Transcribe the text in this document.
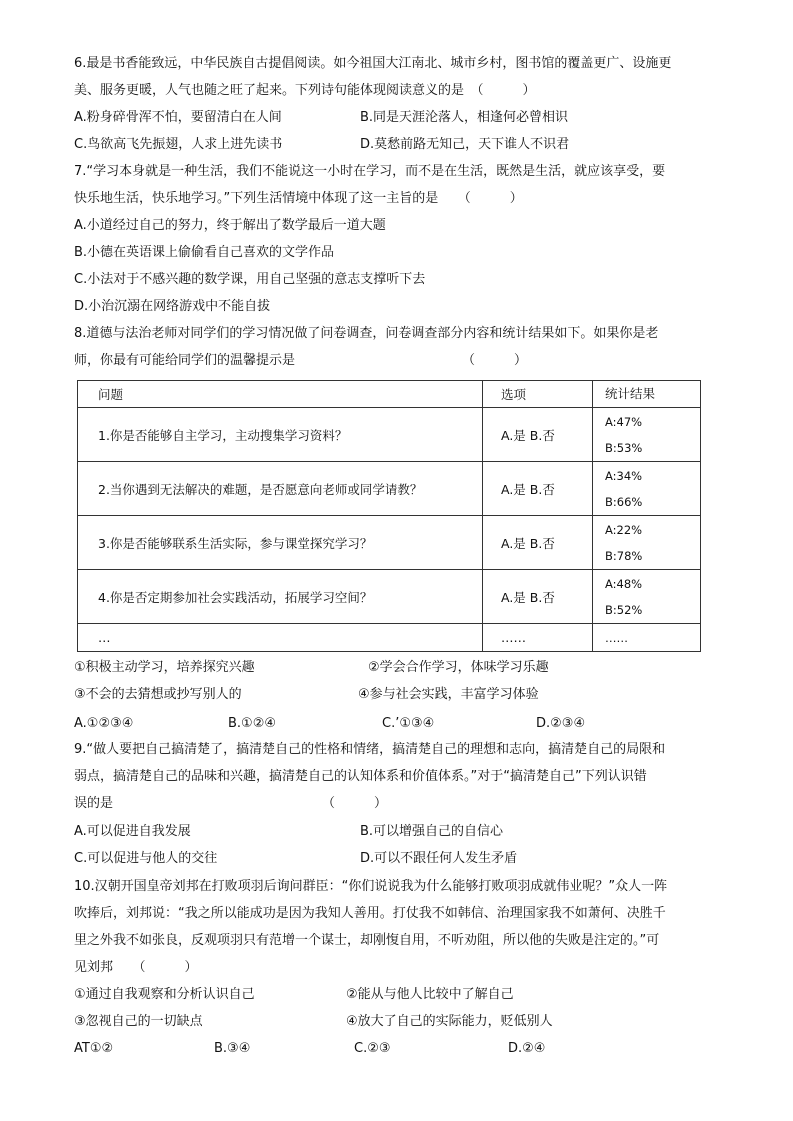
6.最是书香能致远，中华民族自古提倡阅读。如今祖国大江南北、城市乡村，图书馆的覆盖更广、设施更
美、服务更暖，人气也随之旺了起来。下列诗句能体现阅读意义的是　（　　　）
A.粉身碎骨浑不怕，要留清白在人间	B.同是天涯沦落人，相逢何必曾相识
C.鸟欲高飞先振翅，人求上进先读书	D.莫愁前路无知己，天下谁人不识君
7.“学习本身就是一种生活，我们不能说这一小时在学习，而不是在生活，既然是生活，就应该享受，要
快乐地生活，快乐地学习。”下列生活情境中体现了这一主旨的是　　（　　　）
A.小道经过自己的努力，终于解出了数学最后一道大题
B.小德在英语课上偷偷看自己喜欢的文学作品
C.小法对于不感兴趣的数学课，用自己坚强的意志支撑听下去
D.小治沉溺在网络游戏中不能自拔
8.道德与法治老师对同学们的学习情况做了问卷调查，问卷调查部分内容和统计结果如下。如果你是老
师，你最有可能给同学们的温馨提示是	（　　　）
问题	选项	统计结果
1.你是否能够自主学习，主动搜集学习资料？	A.是 B.否	A:47%
B:53%

2.当你遇到无法解决的难题，是否愿意向老师或同学请教？	A.是 B.否	A:34%
B:66%

3.你是否能够联系生活实际，参与课堂探究学习？	A.是 B.否	A:22%
B:78%

4.你是否定期参加社会实践活动，拓展学习空间？	A.是 B.否	A:48%
B:52%

…	……	……
①积极主动学习，培养探究兴趣	②学会合作学习，体味学习乐趣
③不会的去猜想或抄写别人的	④参与社会实践，丰富学习体验
A.①②③④	B.①②④	C.’①③④	D.②③④
9.“做人要把自己搞清楚了，搞清楚自己的性格和情绪，搞清楚自己的理想和志向，搞清楚自己的局限和
弱点，搞清楚自己的品味和兴趣，搞清楚自己的认知体系和价值体系。”对于“搞清楚自己”下列认识错
误的是	（　　　）
A.可以促进自我发展	B.可以增强自己的自信心
C.可以促进与他人的交往	D.可以不跟任何人发生矛盾
10.汉朝开国皇帝刘邦在打败项羽后询问群臣：“你们说说我为什么能够打败项羽成就伟业呢？”众人一阵
吹捧后，刘邦说：“我之所以能成功是因为我知人善用。打仗我不如韩信、治理国家我不如萧何、决胜千
里之外我不如张良，反观项羽只有范增一个谋士，却刚愎自用，不听劝阻，所以他的失败是注定的。”可
见刘邦　　（　　　）
①通过自我观察和分析认识自己	②能从与他人比较中了解自己
③忽视自己的一切缺点	④放大了自己的实际能力，贬低别人
AT①②	B.③④	C.②③	D.②④
